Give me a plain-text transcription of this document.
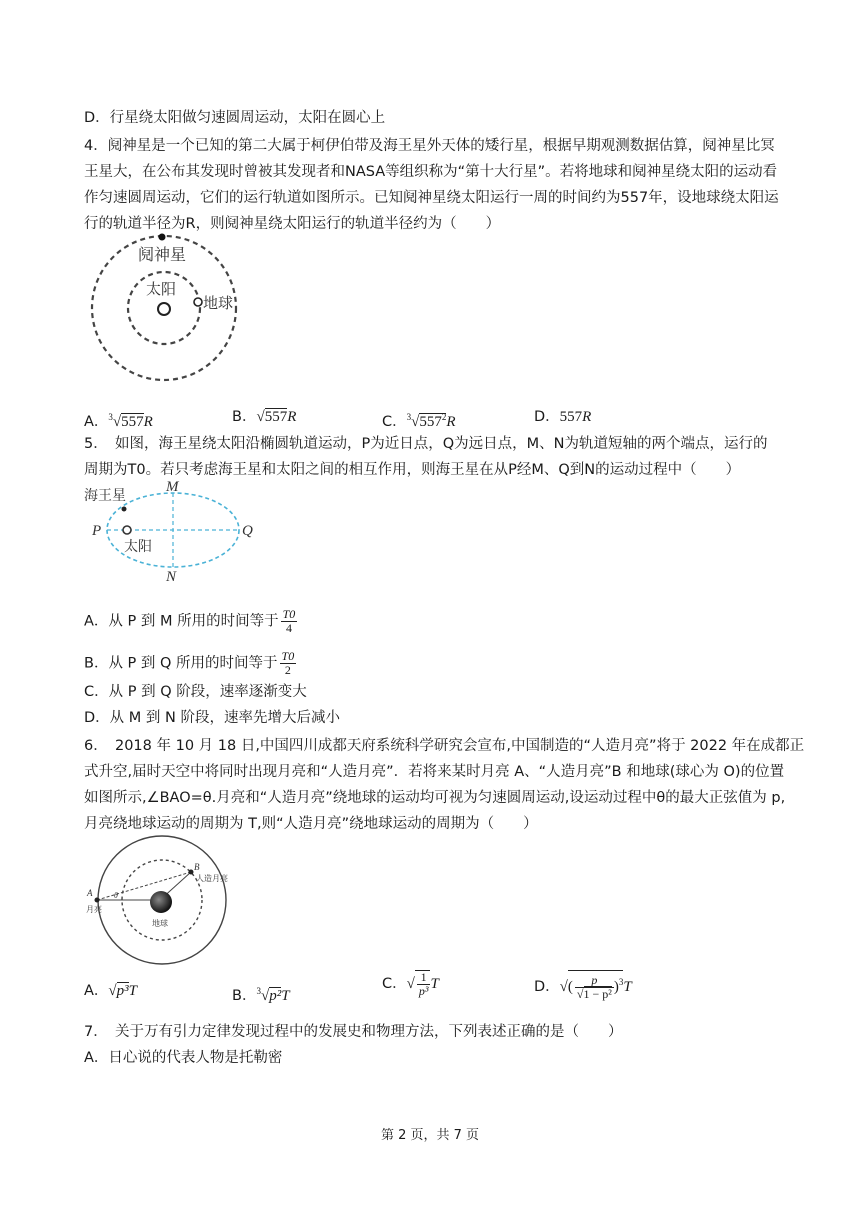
D．行星绕太阳做匀速圆周运动，太阳在圆心上
4．阋神星是一个已知的第二大属于柯伊伯带及海王星外天体的矮行星，根据早期观测数据估算，阋神星比冥
王星大，在公布其发现时曾被其发现者和NASA等组织称为“第十大行星”。若将地球和阋神星绕太阳的运动看
作匀速圆周运动，它们的运行轨道如图所示。已知阋神星绕太阳运行一周的时间约为557年，设地球绕太阳运
行的轨道半径为R，则阋神星绕太阳运行的轨道半径约为（　　）
阋神星
太阳
地球
A．$^3$√557R	B．√557R	C．$^3√557^2R$	D．557R
5．　如图，海王星绕太阳沿椭圆轨道运动，P为近日点，Q为远日点，M、N为轨道短轴的两个端点，运行的
周期为T0。若只考虑海王星和太阳之间的相互作用，则海王星在从P经M、Q到N的运动过程中（　　）
海王星
太阳
P	Q
M
N
A．从 P 到 M 所用的时间等于 $\frac{T0}{4}$
B．从 P 到 Q 所用的时间等于 $\frac{T0}{2}$
C．从 P 到 Q 阶段，速率逐渐变大
D．从 M 到 N 阶段，速率先增大后减小
6．　2018 年 10 月 18 日,中国四川成都天府系统科学研究会宣布,中国制造的“人造月亮”将于 2022 年在成都正
式升空,届时天空中将同时出现月亮和“人造月亮”．若将来某时月亮 A、“人造月亮”B 和地球(球心为 O)的位置
如图所示,∠BAO=θ.月亮和“人造月亮”绕地球的运动均可视为匀速圆周运动,设运动过程中θ的最大正弦值为 p,
月亮绕地球运动的周期为 T,则“人造月亮”绕地球运动的周期为（　　）
A
月亮
B
人造月亮
地球
θ
A．√p³T	B．$^3$√p²T
C．√ $\frac{1}{\text{p³}}$ T	D．√( $\frac{p}{\text{√1 − p²}} )^3T$
7．　关于万有引力定律发现过程中的发展史和物理方法，下列表述正确的是（　　）
A．日心说的代表人物是托勒密
第 2 页，共 7 页
